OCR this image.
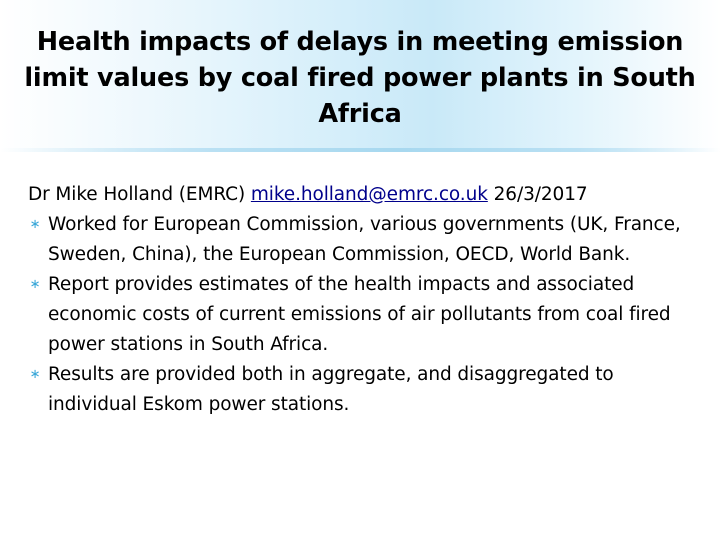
Health impacts of delays in meeting emission limit values by coal fired power plants in South Africa

Dr Mike Holland (EMRC) mike.holland@emrc.co.uk 26/3/2017

∗ Worked for European Commission, various governments (UK, France, Sweden, China), the European Commission, OECD, World Bank.
∗ Report provides estimates of the health impacts and associated economic costs of current emissions of air pollutants from coal fired power stations in South Africa.
∗ Results are provided both in aggregate, and disaggregated to individual Eskom power stations.
